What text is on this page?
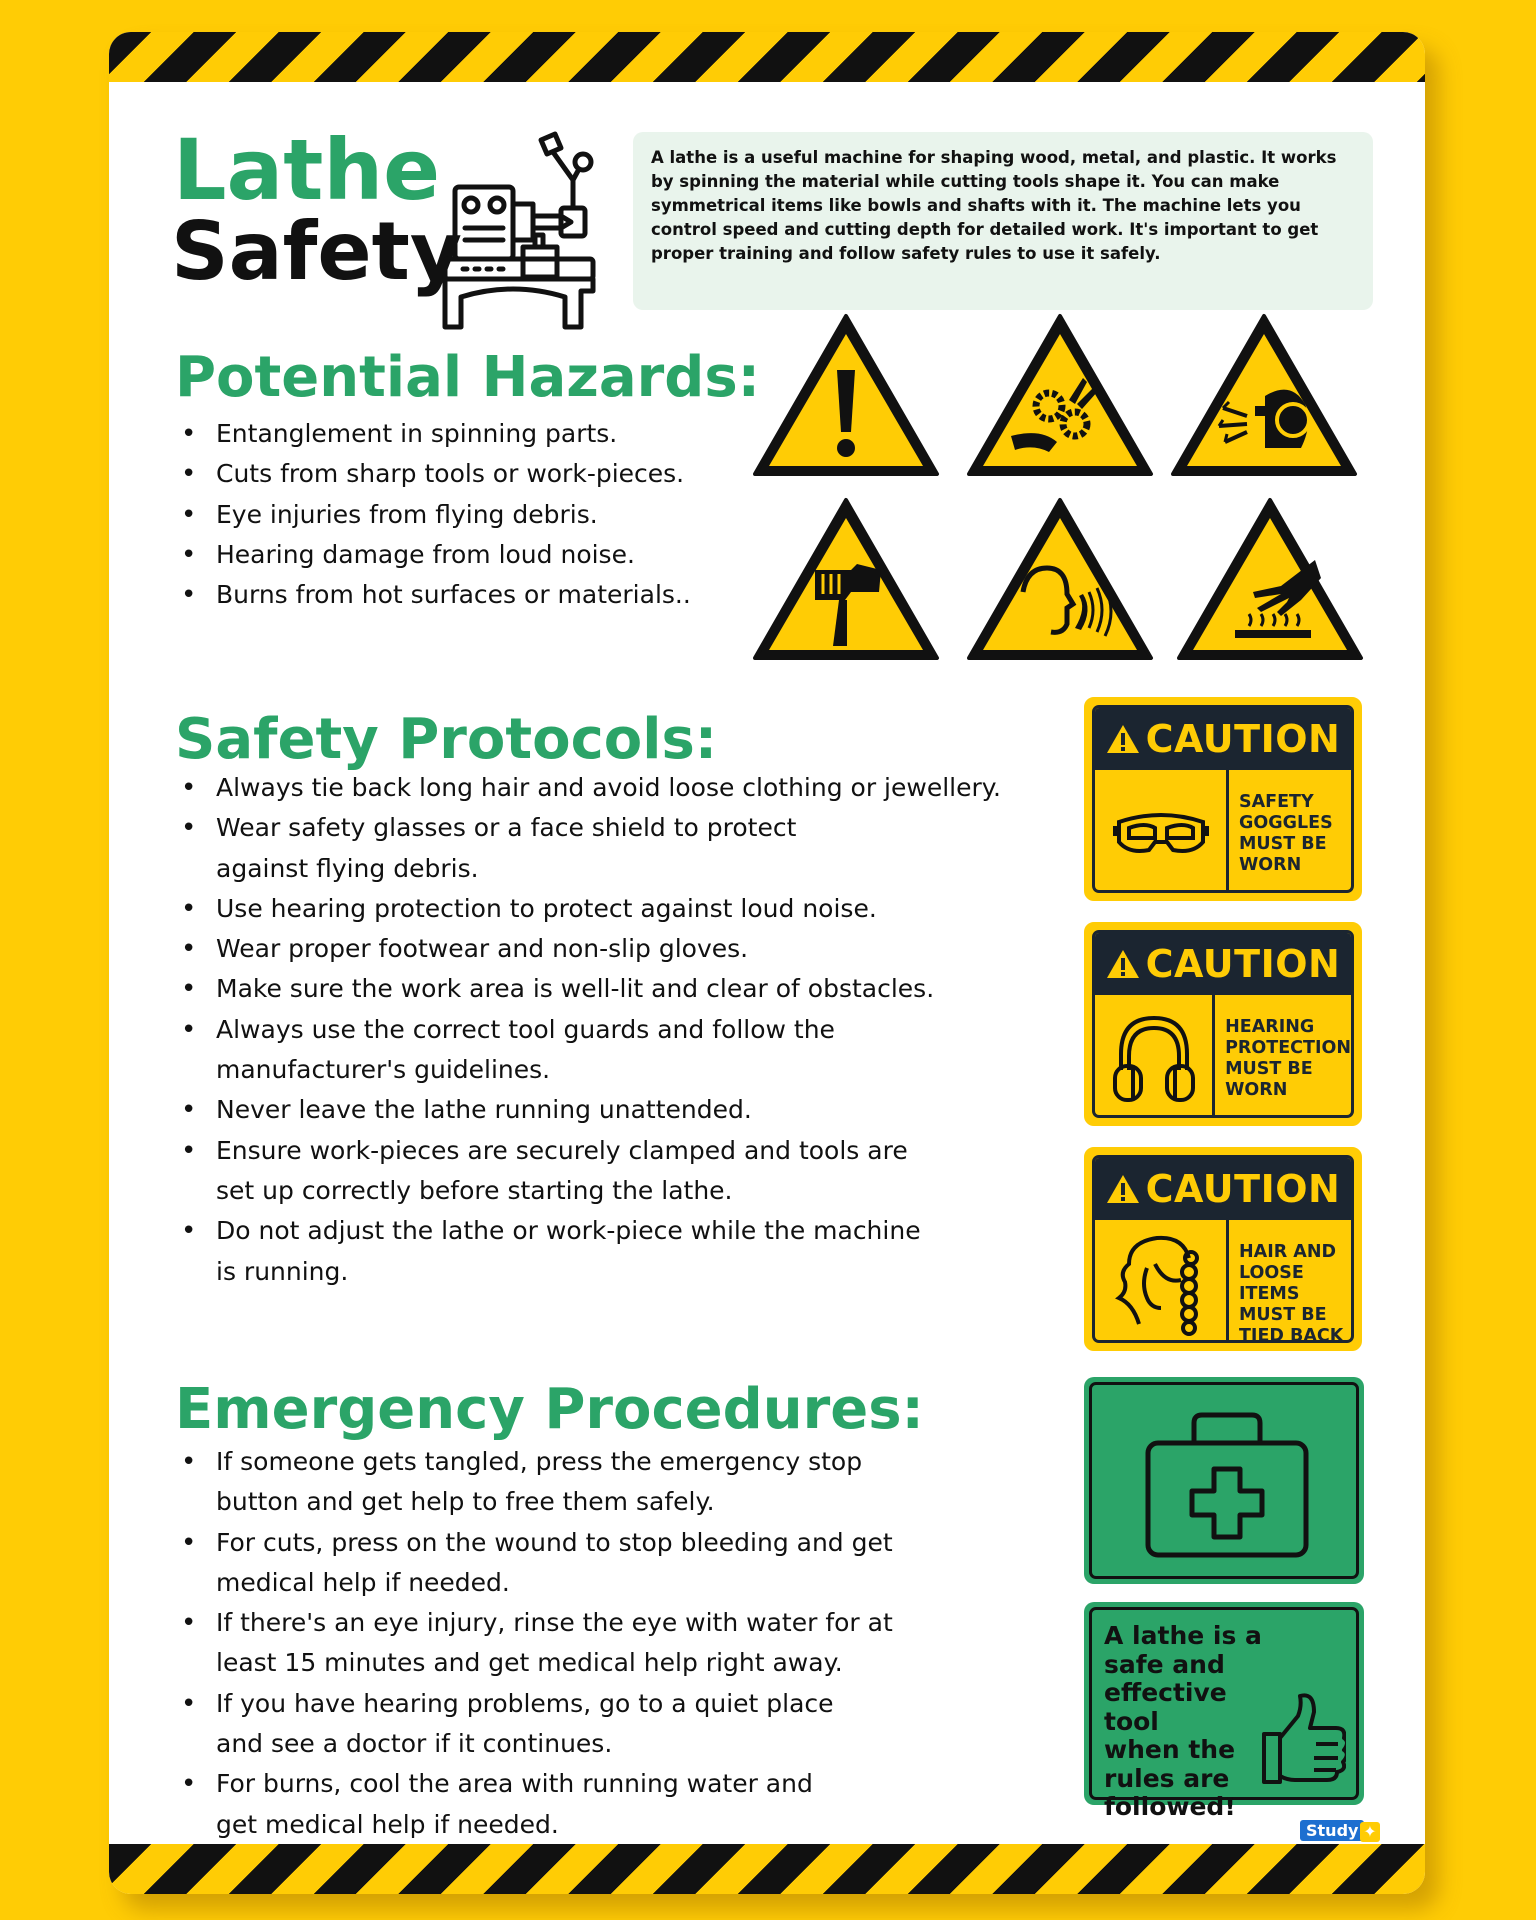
Lathe
Safety
A lathe is a useful machine for shaping wood, metal, and plastic. It works by spinning the material while cutting tools shape it. You can make symmetrical items like bowls and shafts with it. The machine lets you control speed and cutting depth for detailed work. It's important to get proper training and follow safety rules to use it safely.
Potential Hazards:
• Entanglement in spinning parts.
• Cuts from sharp tools or work-pieces.
• Eye injuries from flying debris.
• Hearing damage from loud noise.
• Burns from hot surfaces or materials..
Safety Protocols:
• Always tie back long hair and avoid loose clothing or jewellery.
• Wear safety glasses or a face shield to protect
against flying debris.
• Use hearing protection to protect against loud noise.
• Wear proper footwear and non-slip gloves.
• Make sure the work area is well-lit and clear of obstacles.
• Always use the correct tool guards and follow the
manufacturer's guidelines.
• Never leave the lathe running unattended.
• Ensure work-pieces are securely clamped and tools are
set up correctly before starting the lathe.
• Do not adjust the lathe or work-piece while the machine
is running.
CAUTION
SAFETY
GOGGLES
MUST BE
WORN
CAUTION
HEARING
PROTECTION
MUST BE
WORN
CAUTION
HAIR AND
LOOSE ITEMS
MUST BE
TIED BACK
Emergency Procedures:
• If someone gets tangled, press the emergency stop
button and get help to free them safely.
• For cuts, press on the wound to stop bleeding and get
medical help if needed.
• If there's an eye injury, rinse the eye with water for at
least 15 minutes and get medical help right away.
• If you have hearing problems, go to a quiet place
and see a doctor if it continues.
• For burns, cool the area with running water and
get medical help if needed.
A lathe is a
safe and
effective tool
when the
rules are
followed!
Study ✦
